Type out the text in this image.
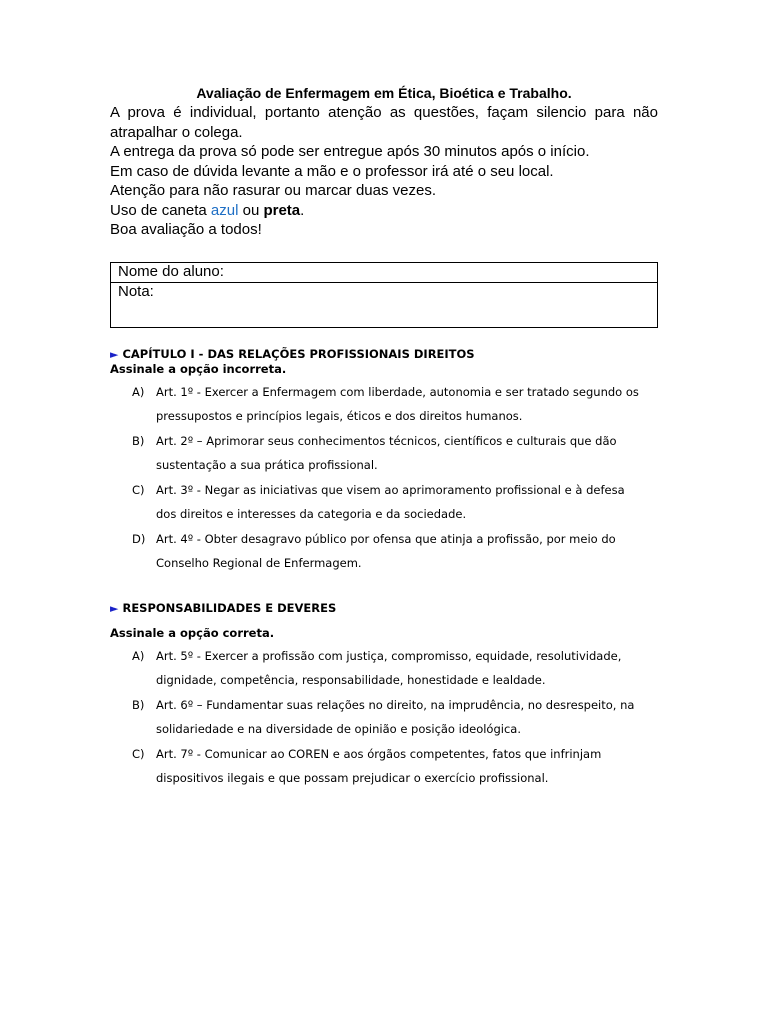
Avaliação de Enfermagem em Ética, Bioética e Trabalho.

A prova é individual, portanto atenção as questões, façam silencio para não atrapalhar o colega.

A entrega da prova só pode ser entregue após 30 minutos após o início.

Em caso de dúvida levante a mão e o professor irá até o seu local.

Atenção para não rasurar ou marcar duas vezes.

Uso de caneta azul ou preta.

Boa avaliação a todos!

Nome do aluno:
Nota:

► CAPÍTULO I - DAS RELAÇÕES PROFISSIONAIS DIREITOS

Assinale a opção incorreta.

A)	Art. 1º - Exercer a Enfermagem com liberdade, autonomia e ser tratado segundo os pressupostos e princípios legais, éticos e dos direitos humanos.
B)	Art. 2º – Aprimorar seus conhecimentos técnicos, científicos e culturais que dão sustentação a sua prática profissional.
C) Art. 3º - Negar as iniciativas que visem ao aprimoramento profissional e à defesa dos direitos e interesses da categoria e da sociedade.
D) Art. 4º - Obter desagravo público por ofensa que atinja a profissão, por meio do Conselho Regional de Enfermagem.

► RESPONSABILIDADES E DEVERES

Assinale a opção correta.

A)	Art. 5º - Exercer a profissão com justiça, compromisso, equidade, resolutividade, dignidade, competência, responsabilidade, honestidade e lealdade.
B)	Art. 6º – Fundamentar suas relações no direito, na imprudência, no desrespeito, na solidariedade e na diversidade de opinião e posição ideológica.
C) Art. 7º - Comunicar ao COREN e aos órgãos competentes, fatos que infrinjam dispositivos ilegais e que possam prejudicar o exercício profissional.
